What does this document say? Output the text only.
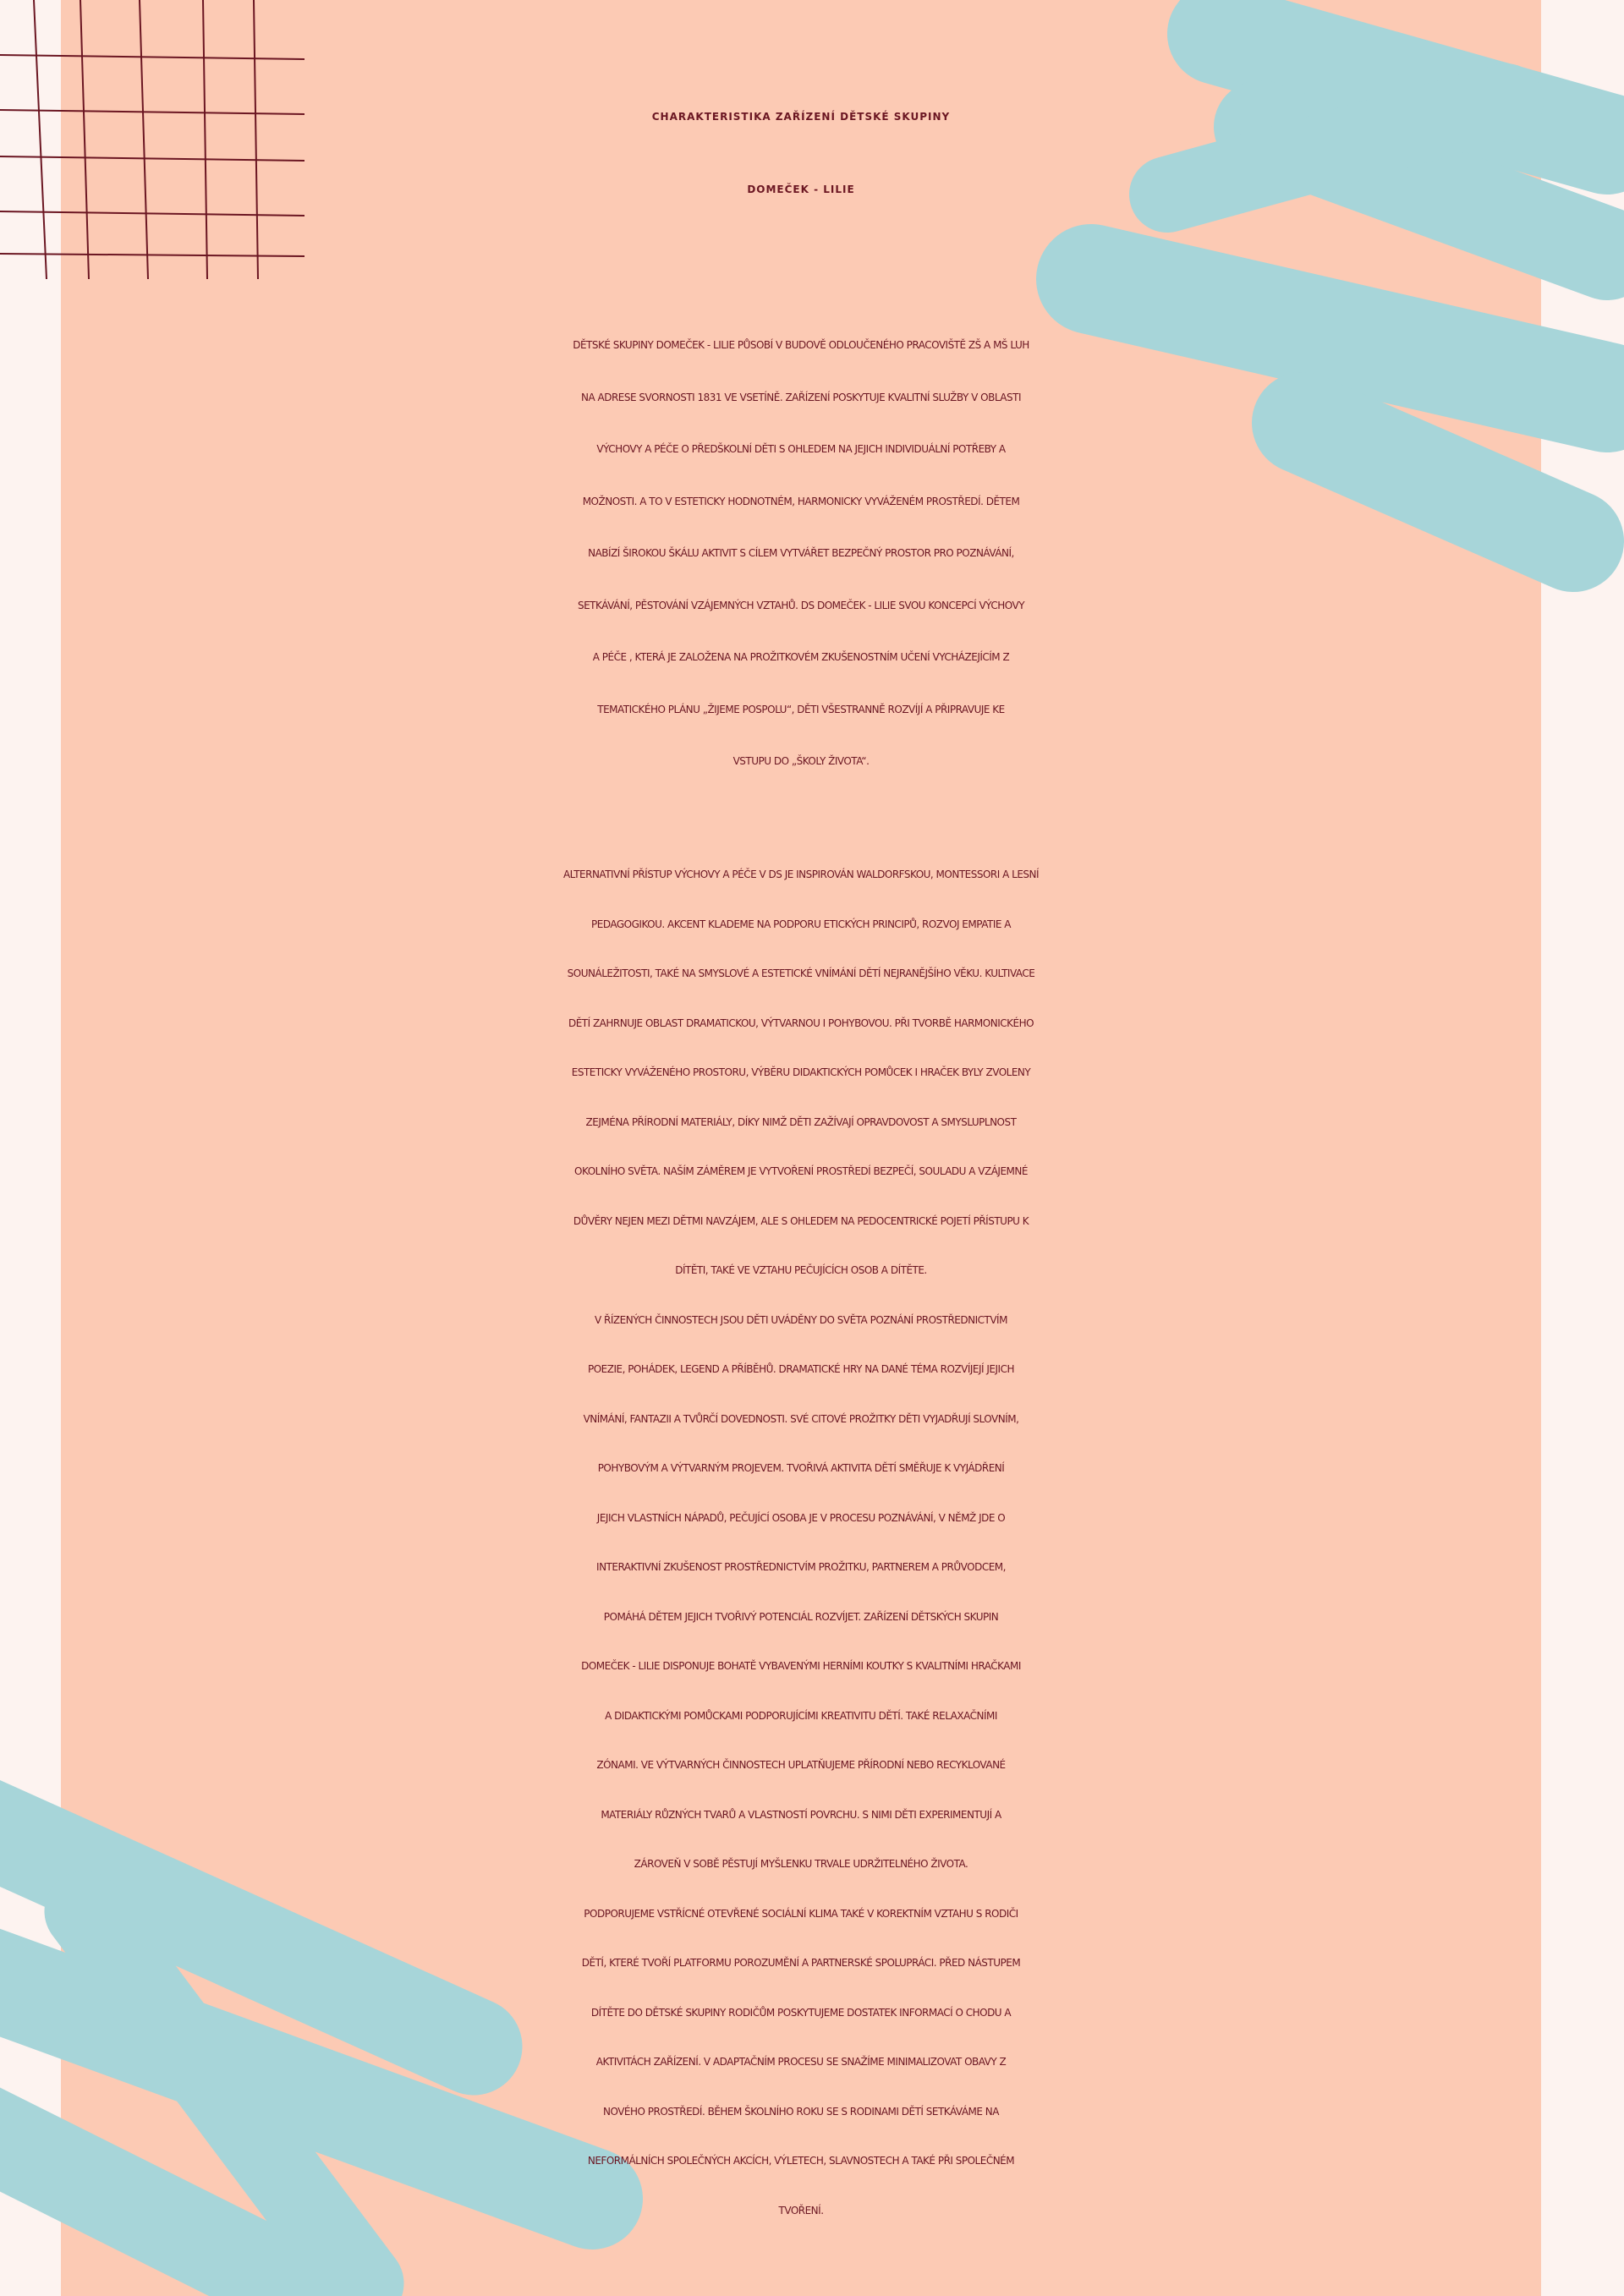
CHARAKTERISTIKA ZAŘÍZENÍ DĚTSKÉ SKUPINY
DOMEČEK - LILIE
DĚTSKÉ SKUPINY DOMEČEK - LILIE PŮSOBÍ V BUDOVĚ ODLOUČENÉHO PRACOVIŠTĚ ZŠ A MŠ LUH
NA ADRESE SVORNOSTI 1831 VE VSETÍNĚ. ZAŘÍZENÍ POSKYTUJE KVALITNÍ SLUŽBY V OBLASTI
VÝCHOVY A PÉČE O PŘEDŠKOLNÍ DĚTI S OHLEDEM NA JEJICH INDIVIDUÁLNÍ POTŘEBY A
MOŽNOSTI. A TO V ESTETICKY HODNOTNÉM, HARMONICKY VYVÁŽENÉM PROSTŘEDÍ. DĚTEM
NABÍZÍ ŠIROKOU ŠKÁLU AKTIVIT S CÍLEM VYTVÁŘET BEZPEČNÝ PROSTOR PRO POZNÁVÁNÍ,
SETKÁVÁNÍ, PĚSTOVÁNÍ VZÁJEMNÝCH VZTAHŮ. DS DOMEČEK - LILIE SVOU KONCEPCÍ VÝCHOVY
A PÉČE , KTERÁ JE ZALOŽENA NA PROŽITKOVÉM ZKUŠENOSTNÍM UČENÍ VYCHÁZEJÍCÍM Z
TEMATICKÉHO PLÁNU „ŽIJEME POSPOLU“, DĚTI VŠESTRANNĚ ROZVÍJÍ A PŘIPRAVUJE KE
VSTUPU DO „ŠKOLY ŽIVOTA“.
ALTERNATIVNÍ PŘÍSTUP VÝCHOVY A PÉČE V DS JE INSPIROVÁN WALDORFSKOU, MONTESSORI A LESNÍ
PEDAGOGIKOU. AKCENT KLADEME NA PODPORU ETICKÝCH PRINCIPŮ, ROZVOJ EMPATIE A
SOUNÁLEŽITOSTI, TAKÉ NA SMYSLOVÉ A ESTETICKÉ VNÍMÁNÍ DĚTÍ NEJRANĚJŠÍHO VĚKU. KULTIVACE
DĚTÍ ZAHRNUJE OBLAST DRAMATICKOU, VÝTVARNOU I POHYBOVOU. PŘI TVORBĚ HARMONICKÉHO
ESTETICKY VYVÁŽENÉHO PROSTORU, VÝBĚRU DIDAKTICKÝCH POMŮCEK I HRAČEK BYLY ZVOLENY
ZEJMÉNA PŘÍRODNÍ MATERIÁLY, DÍKY NIMŽ DĚTI ZAŽÍVAJÍ OPRAVDOVOST A SMYSLUPLNOST
OKOLNÍHO SVĚTA. NAŠÍM ZÁMĚREM JE VYTVOŘENÍ PROSTŘEDÍ BEZPEČÍ, SOULADU A VZÁJEMNÉ
DŮVĚRY NEJEN MEZI DĚTMI NAVZÁJEM, ALE S OHLEDEM NA PEDOCENTRICKÉ POJETÍ PŘÍSTUPU K
DÍTĚTI, TAKÉ VE VZTAHU PEČUJÍCÍCH OSOB A DÍTĚTE.
V ŘÍZENÝCH ČINNOSTECH JSOU DĚTI UVÁDĚNY DO SVĚTA POZNÁNÍ PROSTŘEDNICTVÍM
POEZIE, POHÁDEK, LEGEND A PŘÍBĚHŮ. DRAMATICKÉ HRY NA DANÉ TÉMA ROZVÍJEJÍ JEJICH
VNÍMÁNÍ, FANTAZII A TVŮRČÍ DOVEDNOSTI. SVÉ CITOVÉ PROŽITKY DĚTI VYJADŘUJÍ SLOVNÍM,
POHYBOVÝM A VÝTVARNÝM PROJEVEM. TVOŘIVÁ AKTIVITA DĚTÍ SMĚŘUJE K VYJÁDŘENÍ
JEJICH VLASTNÍCH NÁPADŮ, PEČUJÍCÍ OSOBA JE V PROCESU POZNÁVÁNÍ, V NĚMŽ JDE O
INTERAKTIVNÍ ZKUŠENOST PROSTŘEDNICTVÍM PROŽITKU, PARTNEREM A PRŮVODCEM,
POMÁHÁ DĚTEM JEJICH TVOŘIVÝ POTENCIÁL ROZVÍJET. ZAŘÍZENÍ DĚTSKÝCH SKUPIN
DOMEČEK - LILIE DISPONUJE BOHATĚ VYBAVENÝMI HERNÍMI KOUTKY S KVALITNÍMI HRAČKAMI
A DIDAKTICKÝMI POMŮCKAMI PODPORUJÍCÍMI KREATIVITU DĚTÍ. TAKÉ RELAXAČNÍMI
ZÓNAMI. VE VÝTVARNÝCH ČINNOSTECH UPLATŇUJEME PŘÍRODNÍ NEBO RECYKLOVANÉ
MATERIÁLY RŮZNÝCH TVARŮ A VLASTNOSTÍ POVRCHU. S NIMI DĚTI EXPERIMENTUJÍ A
ZÁROVEŇ V SOBĚ PĚSTUJÍ MYŠLENKU TRVALE UDRŽITELNÉHO ŽIVOTA.
PODPORUJEME VSTŘÍCNÉ OTEVŘENÉ SOCIÁLNÍ KLIMA TAKÉ V KOREKTNÍM VZTAHU S RODIČI
DĚTÍ, KTERÉ TVOŘÍ PLATFORMU POROZUMĚNÍ A PARTNERSKÉ SPOLUPRÁCI. PŘED NÁSTUPEM
DÍTĚTE DO DĚTSKÉ SKUPINY RODIČŮM POSKYTUJEME DOSTATEK INFORMACÍ O CHODU A
AKTIVITÁCH ZAŘÍZENÍ. V ADAPTAČNÍM PROCESU SE SNAŽÍME MINIMALIZOVAT OBAVY Z
NOVÉHO PROSTŘEDÍ. BĚHEM ŠKOLNÍHO ROKU SE S RODINAMI DĚTÍ SETKÁVÁME NA
NEFORMÁLNÍCH SPOLEČNÝCH AKCÍCH, VÝLETECH, SLAVNOSTECH A TAKÉ PŘI SPOLEČNÉM
TVOŘENÍ.
